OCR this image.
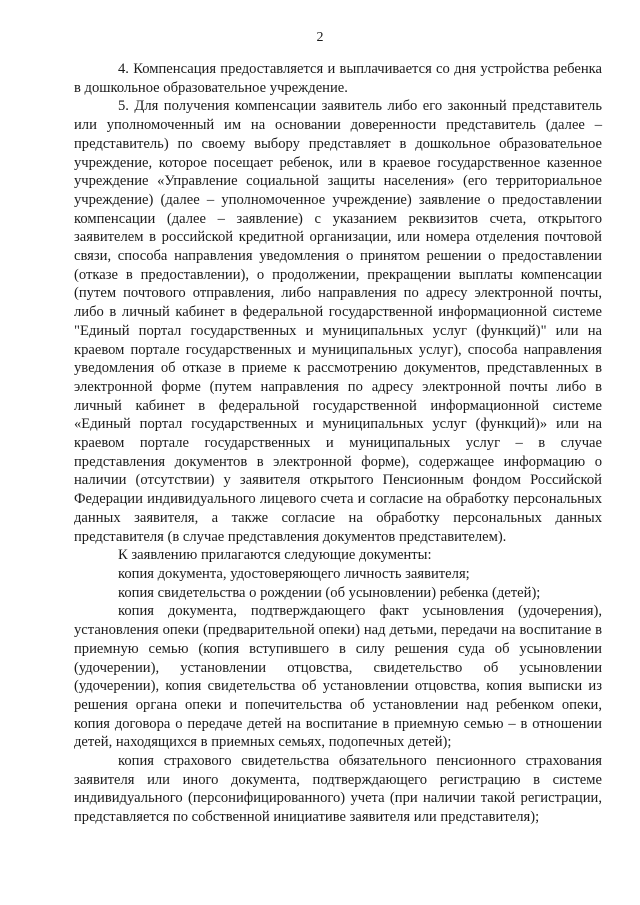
2

4. Компенсация предоставляется и выплачивается со дня устройства ребенка в дошкольное образовательное учреждение.

5. Для получения компенсации заявитель либо его законный представитель или уполномоченный им на основании доверенности представитель (далее – представитель) по своему выбору представляет в дошкольное образовательное учреждение, которое посещает ребенок, или в краевое государственное казенное учреждение «Управление социальной защиты населения» (его территориальное учреждение) (далее – уполномоченное учреждение) заявление о предоставлении компенсации (далее – заявление) с указанием реквизитов счета, открытого заявителем в российской кредитной организации, или номера отделения почтовой связи, способа направления уведомления о принятом решении о предоставлении (отказе в предоставлении), о продолжении, прекращении выплаты компенсации (путем почтового отправления, либо направления по адресу электронной почты, либо в личный кабинет в федеральной государственной информационной системе "Единый портал государственных и муниципальных услуг (функций)" или на краевом портале государственных и муниципальных услуг), способа направления уведомления об отказе в приеме к рассмотрению документов, представленных в электронной форме (путем направления по адресу электронной почты либо в личный кабинет в федеральной государственной информационной системе «Единый портал государственных и муниципальных услуг (функций)» или на краевом портале государственных и муниципальных услуг – в случае представления документов в электронной форме), содержащее информацию о наличии (отсутствии) у заявителя открытого Пенсионным фондом Российской Федерации индивидуального лицевого счета и согласие на обработку персональных данных заявителя, а также согласие на обработку персональных данных представителя (в случае представления документов представителем).

К заявлению прилагаются следующие документы:

копия документа, удостоверяющего личность заявителя;

копия свидетельства о рождении (об усыновлении) ребенка (детей);

копия документа, подтверждающего факт усыновления (удочерения), установления опеки (предварительной опеки) над детьми, передачи на воспитание в приемную семью (копия вступившего в силу решения суда об усыновлении (удочерении), установлении отцовства, свидетельство об усыновлении (удочерении), копия свидетельства об установлении отцовства, копия выписки из решения органа опеки и попечительства об установлении над ребенком опеки, копия договора о передаче детей на воспитание в приемную семью – в отношении детей, находящихся в приемных семьях, подопечных детей);

копия страхового свидетельства обязательного пенсионного страхования заявителя или иного документа, подтверждающего регистрацию в системе индивидуального (персонифицированного) учета (при наличии такой регистрации, представляется по собственной инициативе заявителя или представителя);
